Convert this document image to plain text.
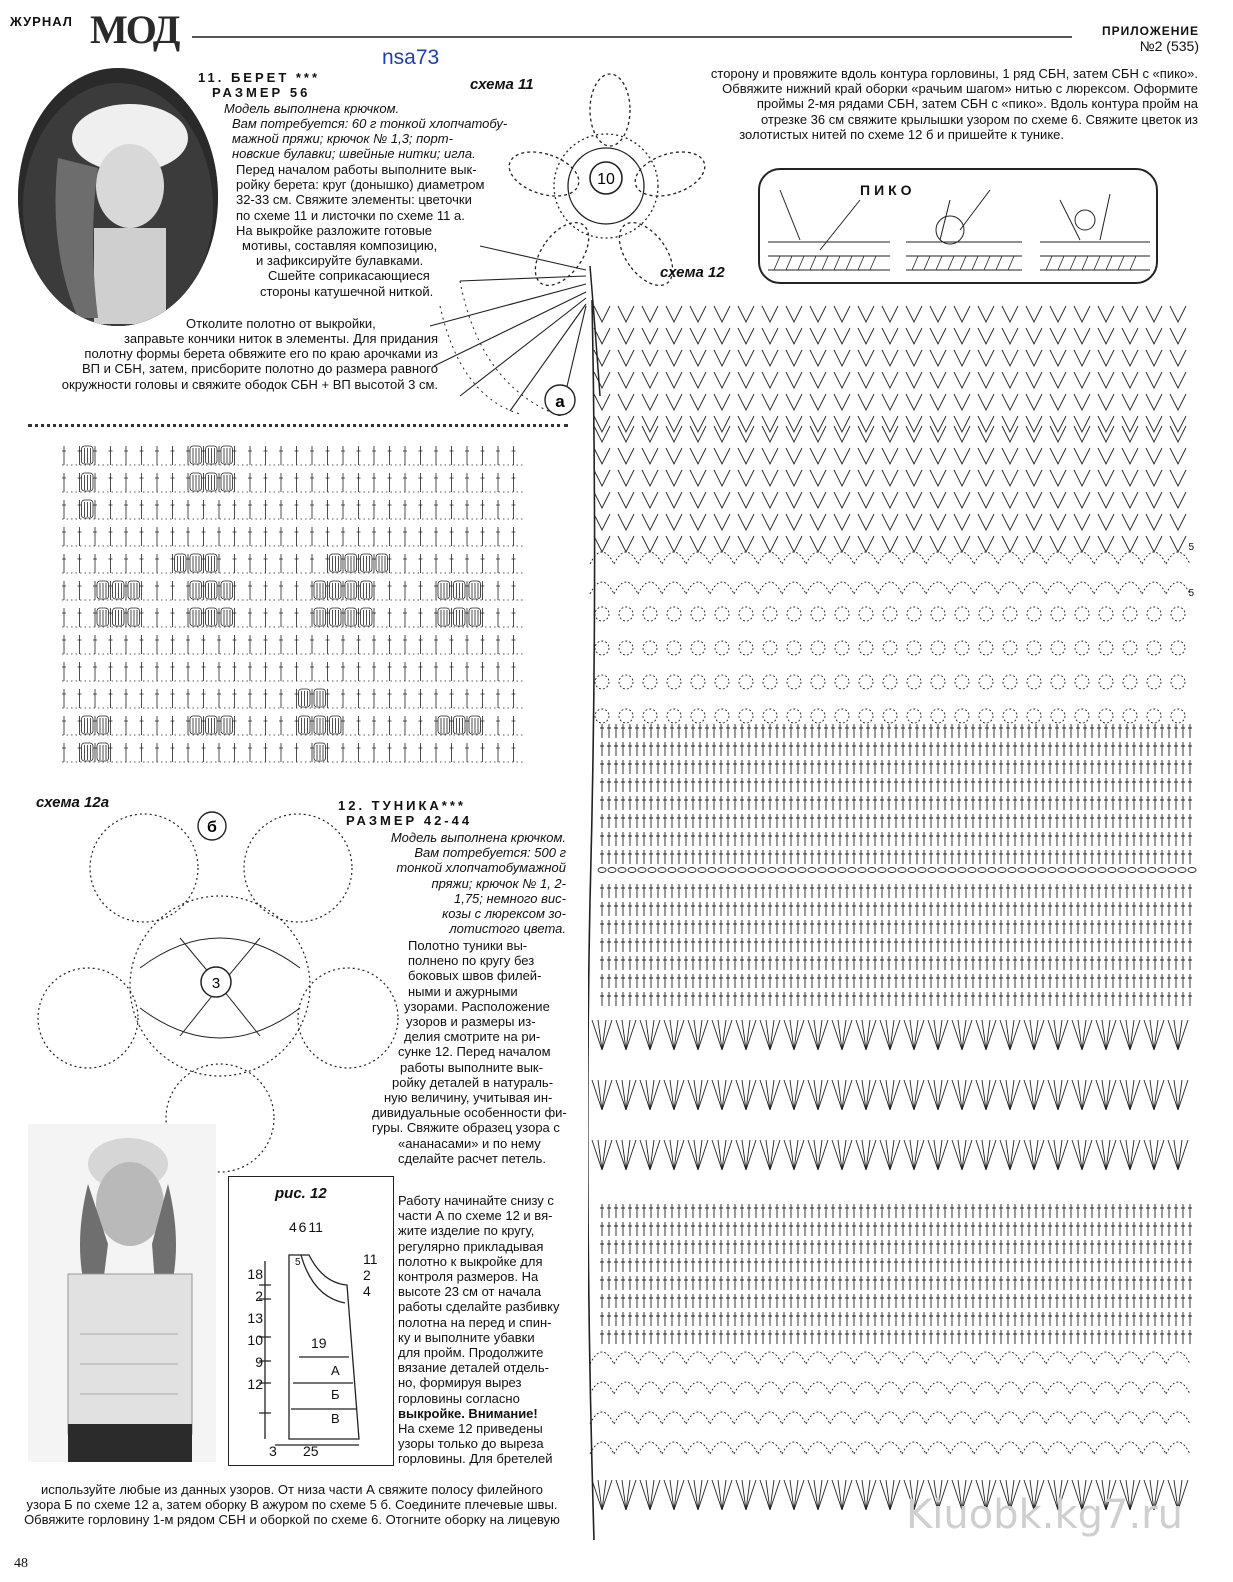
ЖУРНАЛ МОД	ПРИЛОЖЕНИЕ
№2 (535)
nsa73
11. БЕРЕТ ***
РАЗМЕР 56
Модель выполнена крючком.
Вам потребуется: 60 г тонкой хлопчатобу-
мажной пряжи; крючок № 1,3; порт-
новские булавки; швейные нитки; игла.
Перед началом работы выполните вык-
ройку берета: круг (донышко) диаметром
32-33 см. Свяжите элементы: цветочки
по схеме 11 и листочки по схеме 11 а.
На выкройке разложите готовые
мотивы, составляя композицию,
и зафиксируйте булавками.
Сшейте соприкасающиеся
стороны катушечной ниткой.
Отколите полотно от выкройки,
заправьте кончики ниток в элементы. Для придания
полотну формы берета обвяжите его по краю арочками из
ВП и СБН, затем, присборите полотно до размера равного
окружности головы и свяжите ободок СБН + ВП высотой 3 см.
схема 11
10
а
сторону и провяжите вдоль контура горловины, 1 ряд СБН, затем СБН с «пико».
Обвяжите нижний край оборки «рачьим шагом» нитью с люрексом. Оформите
проймы 2-мя рядами СБН, затем СБН с «пико». Вдоль контура пройм на
отрезке 36 см свяжите крылышки узором по схеме 6. Свяжите цветок из
золотистых нитей по схеме 12 б и пришейте к тунике.
ПИКО
схема 12
5
5
схема 12а
3
б
12. ТУНИКА***
РАЗМЕР 42-44
Модель выполнена крючком.
Вам потребуется: 500 г
тонкой хлопчатобумажной
пряжи; крючок № 1, 2-
1,75; немного вис-
козы с люрексом зо-
лотистого цвета.
Полотно туники вы-
полнено по кругу без
боковых швов филей-
ными и ажурными
узорами. Расположение
узоров и размеры из-
делия смотрите на ри-
сунке 12. Перед началом
работы выполните вык-
ройку деталей в натураль-
ную величину, учитывая ин-
дивидуальные особенности фи-
гуры. Свяжите образец узора с
«ананасами» и по нему
сделайте расчет петель.
Работу начинайте снизу с
части А по схеме 12 и вя-
жите изделие по кругу,
регулярно прикладывая
полотно к выкройке для
контроля размеров. На
высоте 23 см от начала
работы сделайте разбивку
полотна на перед и спин-
ку и выполните убавки
для пройм. Продолжите
вязание деталей отдель-
но, формируя вырез
горловины согласно
выкройке. Внимание!
На схеме 12 приведены
узоры только до выреза
горловины. Для бретелей
рис. 12
4 6 11
18
2
13
10
9
12
11
2
4
19
5
А
Б
В
3 25
используйте любые из данных узоров. От низа части А свяжите полосу филейного
узора Б по схеме 12 а, затем оборку В ажуром по схеме 5 б. Соедините плечевые швы.
Обвяжите горловину 1-м рядом СБН и оборкой по схеме 6. Отогните оборку на лицевую
48
Kiuobk.kg7.ru
